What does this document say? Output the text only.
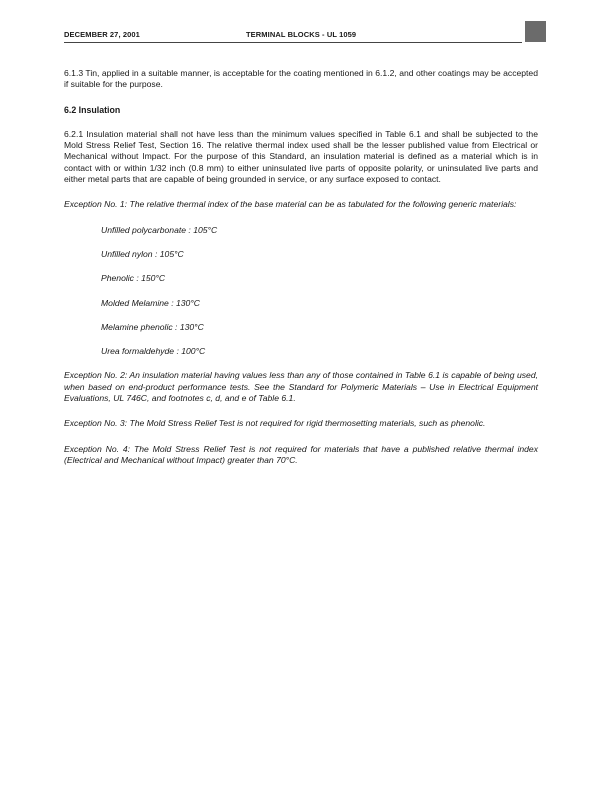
DECEMBER 27, 2001	TERMINAL BLOCKS - UL 1059

6.1.3 Tin, applied in a suitable manner, is acceptable for the coating mentioned in 6.1.2, and other coatings may be accepted if suitable for the purpose.

6.2 Insulation

6.2.1 Insulation material shall not have less than the minimum values specified in Table 6.1 and shall be subjected to the Mold Stress Relief Test, Section 16. The relative thermal index used shall be the lesser published value from Electrical or Mechanical without Impact. For the purpose of this Standard, an insulation material is defined as a material which is in contact with or within 1/32 inch (0.8 mm) to either uninsulated live parts of opposite polarity, or uninsulated live parts and either metal parts that are capable of being grounded in service, or any surface exposed to contact.

Exception No. 1: The relative thermal index of the base material can be as tabulated for the following generic materials:

Unfilled polycarbonate : 105°C
Unfilled nylon : 105°C
Phenolic : 150°C
Molded Melamine : 130°C
Melamine phenolic : 130°C
Urea formaldehyde : 100°C

Exception No. 2: An insulation material having values less than any of those contained in Table 6.1 is capable of being used, when based on end-product performance tests. See the Standard for Polymeric Materials – Use in Electrical Equipment Evaluations, UL 746C, and footnotes c, d, and e of Table 6.1.

Exception No. 3: The Mold Stress Relief Test is not required for rigid thermosetting materials, such as phenolic.

Exception No. 4: The Mold Stress Relief Test is not required for materials that have a published relative thermal index (Electrical and Mechanical without Impact) greater than 70°C.
